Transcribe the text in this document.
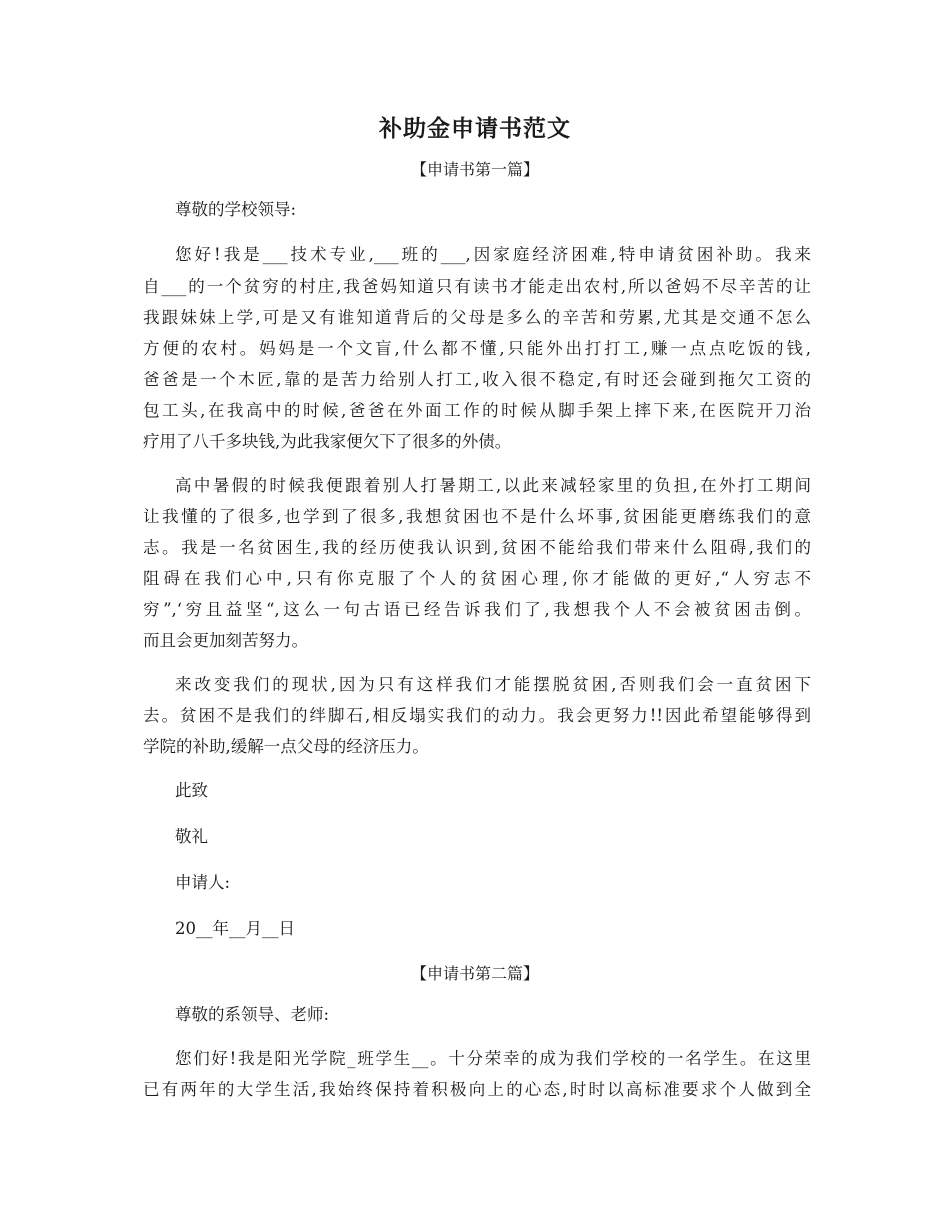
补助金申请书范文
【申请书第一篇】
尊敬的学校领导:
您好!我是___技术专业,___班的___,因家庭经济困难,特申请贫困补助。我来
自___的一个贫穷的村庄,我爸妈知道只有读书才能走出农村,所以爸妈不尽辛苦的让
我跟妹妹上学,可是又有谁知道背后的父母是多么的辛苦和劳累,尤其是交通不怎么
方便的农村。妈妈是一个文盲,什么都不懂,只能外出打打工,赚一点点吃饭的钱,
爸爸是一个木匠,靠的是苦力给别人打工,收入很不稳定,有时还会碰到拖欠工资的
包工头,在我高中的时候,爸爸在外面工作的时候从脚手架上摔下来,在医院开刀治
疗用了八千多块钱,为此我家便欠下了很多的外债。
高中暑假的时候我便跟着别人打暑期工,以此来减轻家里的负担,在外打工期间
让我懂的了很多,也学到了很多,我想贫困也不是什么坏事,贫困能更磨练我们的意
志。我是一名贫困生,我的经历使我认识到,贫困不能给我们带来什么阻碍,我们的
阻碍在我们心中,只有你克服了个人的贫困心理,你才能做的更好,“人穷志不
穷”,‘穷且益坚“,这么一句古语已经告诉我们了,我想我个人不会被贫困击倒。
而且会更加刻苦努力。
来改变我们的现状,因为只有这样我们才能摆脱贫困,否则我们会一直贫困下
去。贫困不是我们的绊脚石,相反塌实我们的动力。我会更努力!!因此希望能够得到
学院的补助,缓解一点父母的经济压力。
此致
敬礼
申请人:
20__年__月__日
【申请书第二篇】
尊敬的系领导、老师:
您们好!我是阳光学院_班学生__。十分荣幸的成为我们学校的一名学生。在这里
已有两年的大学生活,我始终保持着积极向上的心态,时时以高标准要求个人做到全
